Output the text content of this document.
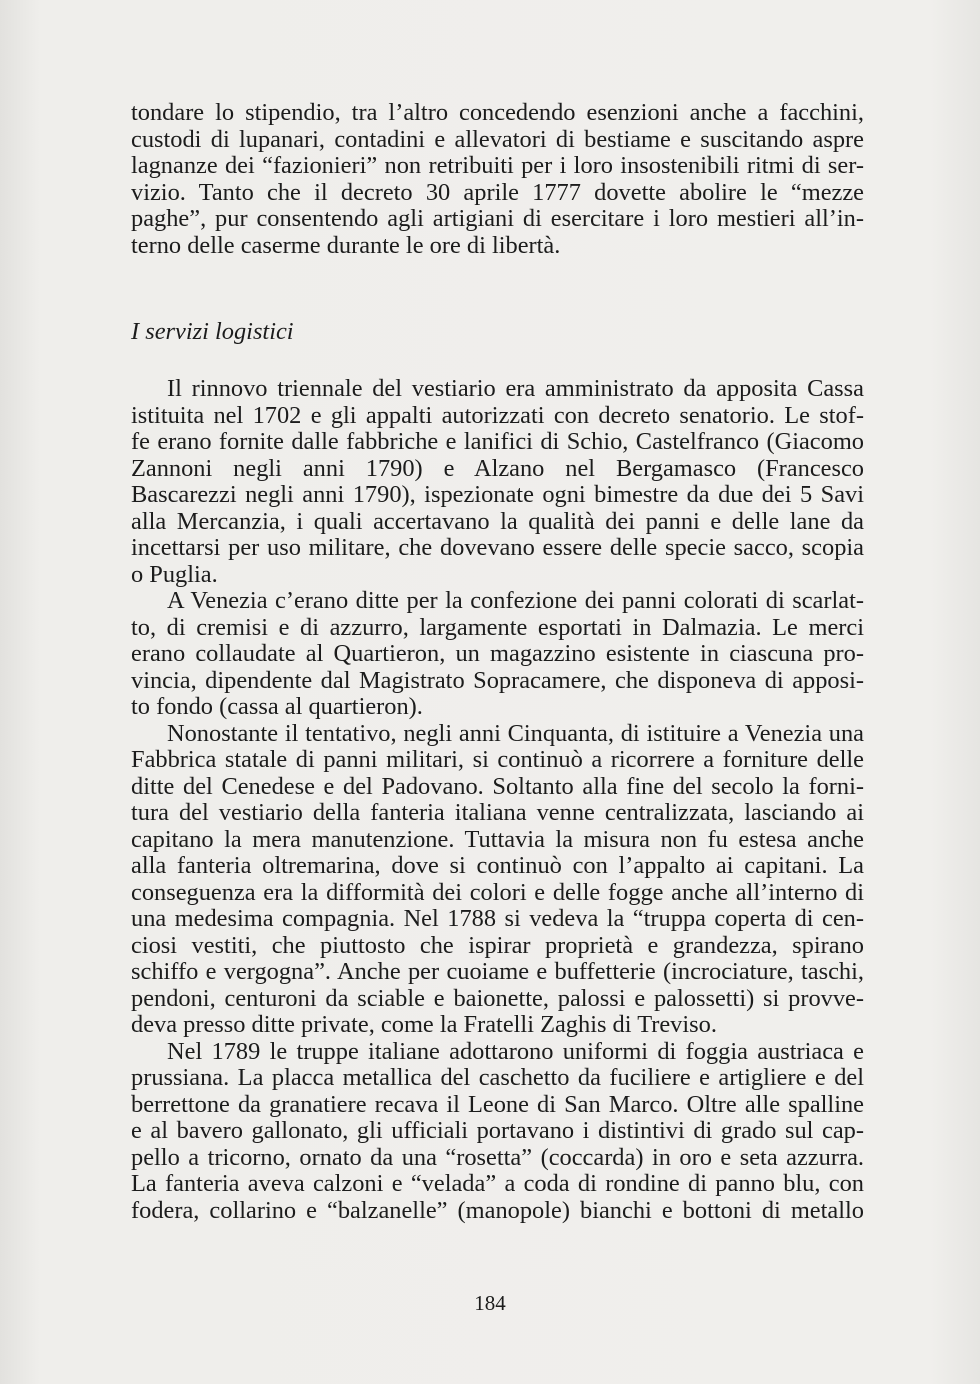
tondare lo stipendio, tra l’altro concedendo esenzioni anche a facchini,
custodi di lupanari, contadini e allevatori di bestiame e suscitando aspre
lagnanze dei “fazionieri” non retribuiti per i loro insostenibili ritmi di ser-
vizio. Tanto che il decreto 30 aprile 1777 dovette abolire le “mezze
paghe”, pur consentendo agli artigiani di esercitare i loro mestieri all’in-
terno delle caserme durante le ore di libertà.
I servizi logistici
Il rinnovo triennale del vestiario era amministrato da apposita Cassa
istituita nel 1702 e gli appalti autorizzati con decreto senatorio. Le stof-
fe erano fornite dalle fabbriche e lanifici di Schio, Castelfranco (Giacomo
Zannoni negli anni 1790) e Alzano nel Bergamasco (Francesco
Bascarezzi negli anni 1790), ispezionate ogni bimestre da due dei 5 Savi
alla Mercanzia, i quali accertavano la qualità dei panni e delle lane da
incettarsi per uso militare, che dovevano essere delle specie sacco, scopia
o Puglia.
A Venezia c’erano ditte per la confezione dei panni colorati di scarlat-
to, di cremisi e di azzurro, largamente esportati in Dalmazia. Le merci
erano collaudate al Quartieron, un magazzino esistente in ciascuna pro-
vincia, dipendente dal Magistrato Sopracamere, che disponeva di apposi-
to fondo (cassa al quartieron).
Nonostante il tentativo, negli anni Cinquanta, di istituire a Venezia una
Fabbrica statale di panni militari, si continuò a ricorrere a forniture delle
ditte del Cenedese e del Padovano. Soltanto alla fine del secolo la forni-
tura del vestiario della fanteria italiana venne centralizzata, lasciando ai
capitano la mera manutenzione. Tuttavia la misura non fu estesa anche
alla fanteria oltremarina, dove si continuò con l’appalto ai capitani. La
conseguenza era la difformità dei colori e delle fogge anche all’interno di
una medesima compagnia. Nel 1788 si vedeva la “truppa coperta di cen-
ciosi vestiti, che piuttosto che ispirar proprietà e grandezza, spirano
schiffo e vergogna”. Anche per cuoiame e buffetterie (incrociature, taschi,
pendoni, centuroni da sciable e baionette, palossi e palossetti) si provve-
deva presso ditte private, come la Fratelli Zaghis di Treviso.
Nel 1789 le truppe italiane adottarono uniformi di foggia austriaca e
prussiana. La placca metallica del caschetto da fuciliere e artigliere e del
berrettone da granatiere recava il Leone di San Marco. Oltre alle spalline
e al bavero gallonato, gli ufficiali portavano i distintivi di grado sul cap-
pello a tricorno, ornato da una “rosetta” (coccarda) in oro e seta azzurra.
La fanteria aveva calzoni e “velada” a coda di rondine di panno blu, con
fodera, collarino e “balzanelle” (manopole) bianchi e bottoni di metallo
184
